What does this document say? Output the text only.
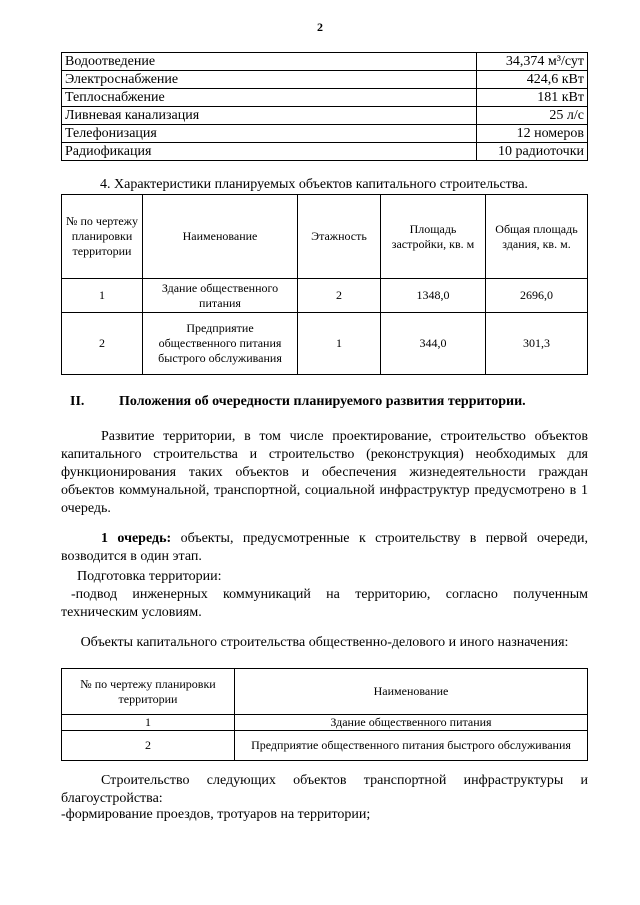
2
Водоотведение	34,374 м³/сут
Электроснабжение	424,6 кВт
Теплоснабжение	181 кВт
Ливневая канализация	25 л/с
Телефонизация	12 номеров
Радиофикация	10 радиоточки
4. Характеристики планируемых объектов капитального строительства.
№ по чертежу планировки территории	Наименование	Этажность	Площадь застройки, кв. м	Общая площадь здания, кв. м.
1	Здание общественного питания	2	1348,0	2696,0
2	Предприятие общественного питания быстрого обслуживания	1	344,0	301,3
II. Положения об очередности планируемого развития территории.
Развитие территории, в том числе проектирование, строительство объектов капитального строительства и строительство (реконструкция) необходимых для функционирования таких объектов и обеспечения жизнедеятельности граждан объектов коммунальной, транспортной, социальной инфраструктур предусмотрено в 1 очередь.
1 очередь: объекты, предусмотренные к строительству в первой очереди, возводится в один этап.
Подготовка территории:
-подвод инженерных коммуникаций на территорию, согласно полученным техническим условиям.
Объекты капитального строительства общественно-делового и иного назначения:
№ по чертежу планировки территории	Наименование
1	Здание общественного питания
2	Предприятие общественного питания быстрого обслуживания
Строительство следующих объектов транспортной инфраструктуры и благоустройства:
-формирование проездов, тротуаров на территории;
